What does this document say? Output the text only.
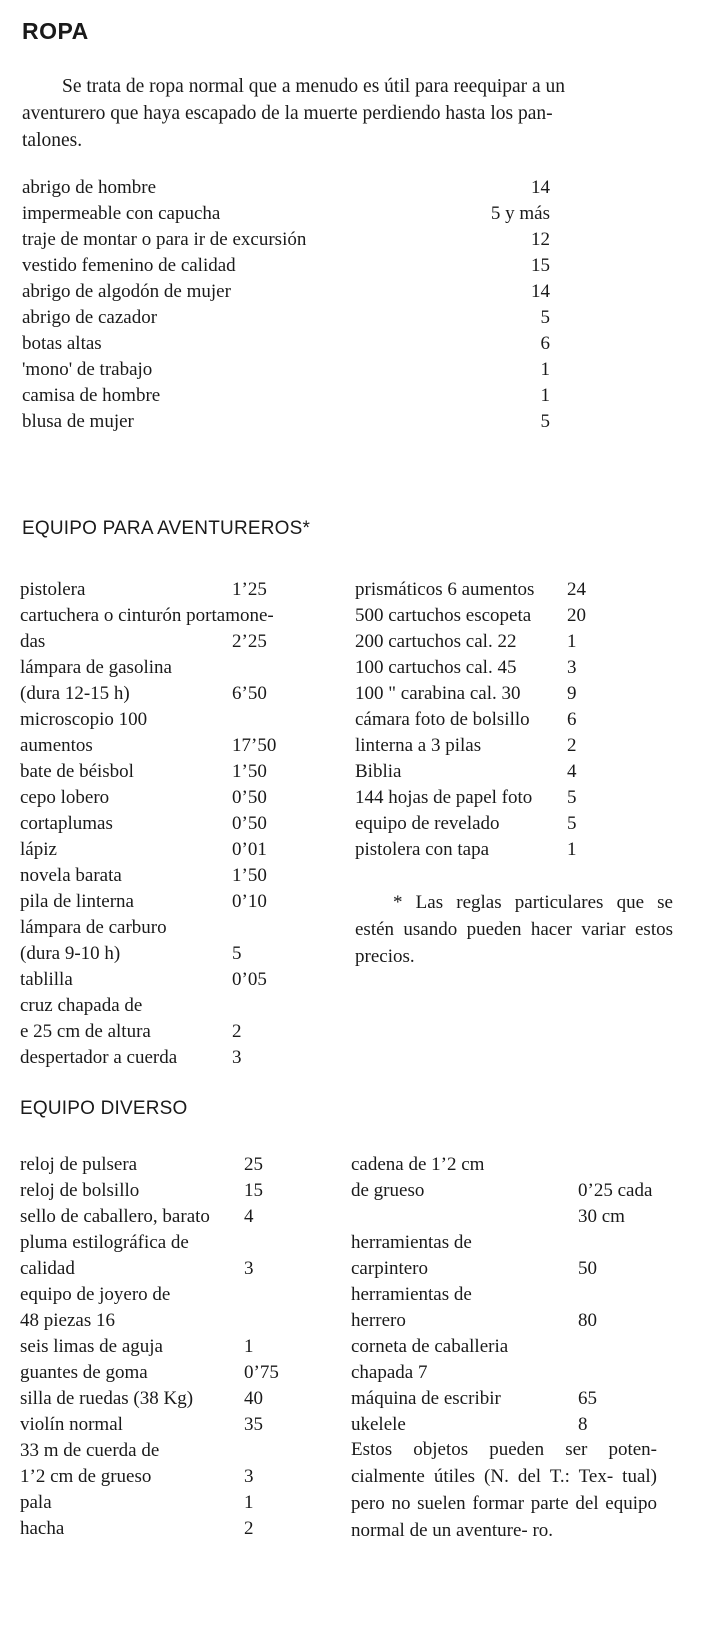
ROPA
Se trata de ropa normal que a menudo es útil para reequipar a un
aventurero que haya escapado de la muerte perdiendo hasta los pan-
talones.
abrigo de hombre	14
impermeable con capucha	5 y más
traje de montar o para ir de excursión	12
vestido femenino de calidad	15
abrigo de algodón de mujer	14
abrigo de cazador	5
botas altas	6
'mono' de trabajo	1
camisa de hombre	1
blusa de mujer	5
EQUIPO PARA AVENTUREROS*
pistolera	1’25
cartuchera o cinturón portamone-
das	2’25
lámpara de gasolina
(dura 12-15 h)	6’50
microscopio 100
aumentos	17’50
bate de béisbol	1’50
cepo lobero	0’50
cortaplumas	0’50
lápiz	0’01
novela barata	1’50
pila de linterna	0’10
lámpara de carburo
(dura 9-10 h)	5
tablilla	0’05
cruz chapada de
e 25 cm de altura	2
despertador a cuerda	3
prismáticos 6 aumentos 24
500 cartuchos escopeta 20
200 cartuchos cal. 22	1
100 cartuchos cal. 45	3
100 " carabina cal. 30 9
cámara foto de bolsillo 6
linterna a 3 pilas	2
Biblia	4
144 hojas de papel foto 5
equipo de revelado	5
pistolera con tapa	1
* Las reglas particulares que se estén usando pueden hacer variar estos precios.
EQUIPO DIVERSO
reloj de pulsera	25
reloj de bolsillo	15
sello de caballero, barato 4
pluma estilográfica de
calidad	3
equipo de joyero de
48 piezas 16
seis limas de aguja	1
guantes de goma	0’75
silla de ruedas (38 Kg)	40
violín normal	35
33 m de cuerda de
1’2 cm de grueso	3
pala	1
hacha	2
cadena de 1’2 cm
de grueso	0’25 cada
30 cm
herramientas de
carpintero	50
herramientas de
herrero	80
corneta de caballeria
chapada 7
máquina de escribir	65
ukelele	8
Estos objetos pueden ser poten- cialmente útiles (N. del T.: Tex- tual) pero no suelen formar parte del equipo normal de un aventure- ro.
